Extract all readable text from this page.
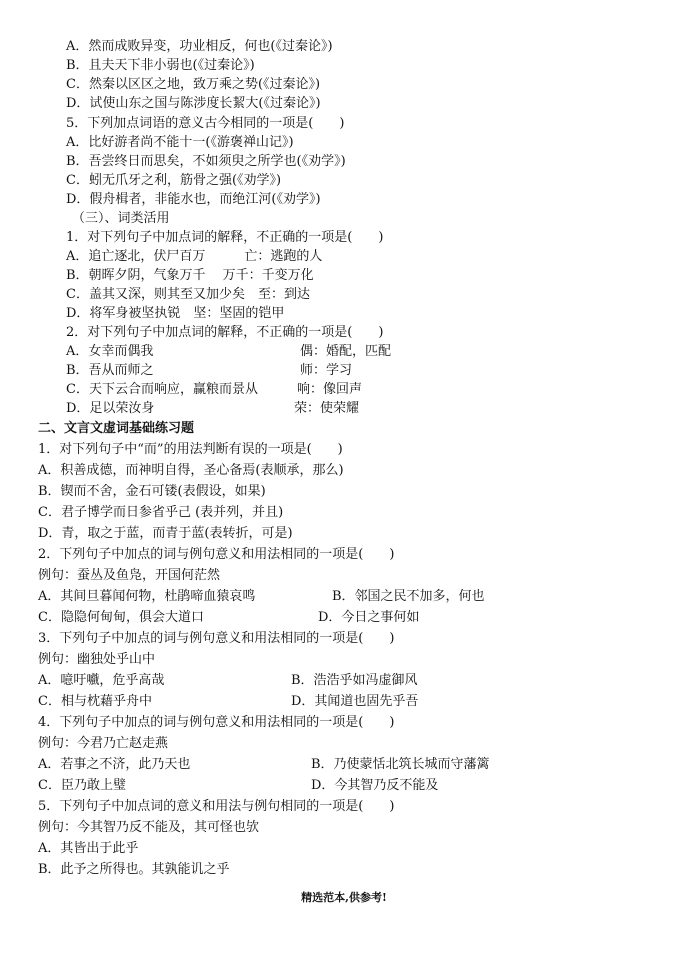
A．然而成败异变，功业相反，何也(《过秦论》)
B．且夫天下非小弱也(《过秦论》)
C．然秦以区区之地，致万乘之势(《过秦论》)
D．试使山东之国与陈涉度长絜大(《过秦论》)
5．下列加点词语的意义古今相同的一项是(　　)
A．比好游者尚不能十一(《游褒禅山记》)
B．吾尝终日而思矣，不如须臾之所学也(《劝学》)
C．蚓无爪牙之利，筋骨之强(《劝学》)
D．假舟楫者，非能水也，而绝江河(《劝学》)
（三）、词类活用
1．对下列句子中加点词的解释，不正确的一项是(　　)
A．追亡逐北，伏尸百万　　　亡：逃跑的人
B．朝晖夕阴，气象万千　 万千：千变万化
C．盖其又深，则其至又加少矣　至：到达
D．将军身被坚执锐　坚：坚固的铠甲
2．对下列句子中加点词的解释，不正确的一项是(　　)
A．女幸而偶我	偶：婚配，匹配
B．吾从而师之	师：学习
C．天下云合而响应，赢粮而景从	响：像回声
D．足以荣汝身	荣：使荣耀
二、文言文虚词基础练习题
1．对下列句子中“而”的用法判断有误的一项是(　　)
A．积善成德，而神明自得，圣心备焉(表顺承，那么)
B．锲而不舍，金石可镂(表假设，如果)
C．君子博学而日参省乎己 (表并列，并且)
D．青，取之于蓝，而青于蓝(表转折，可是)
2．下列句子中加点的词与例句意义和用法相同的一项是(　　)
例句：蚕丛及鱼凫，开国何茫然
A．其间旦暮闻何物，杜鹃啼血猿哀鸣	B．邻国之民不加多，何也
C．隐隐何甸甸，俱会大道口	D．今日之事何如
3．下列句子中加点的词与例句意义和用法相同的一项是(　　)
例句：幽独处乎山中
A．噫吁嚱，危乎高哉	B．浩浩乎如冯虚御风
C．相与枕藉乎舟中	D．其闻道也固先乎吾
4．下列句子中加点的词与例句意义和用法相同的一项是(　　)
例句：今君乃亡赵走燕
A．若事之不济，此乃天也	B．乃使蒙恬北筑长城而守藩篱
C．臣乃敢上璧	D．今其智乃反不能及
5．下列句子中加点词的意义和用法与例句相同的一项是(　　)
例句：今其智乃反不能及，其可怪也欤
A．其皆出于此乎
B．此予之所得也。其孰能讥之乎
精选范本,供参考!
